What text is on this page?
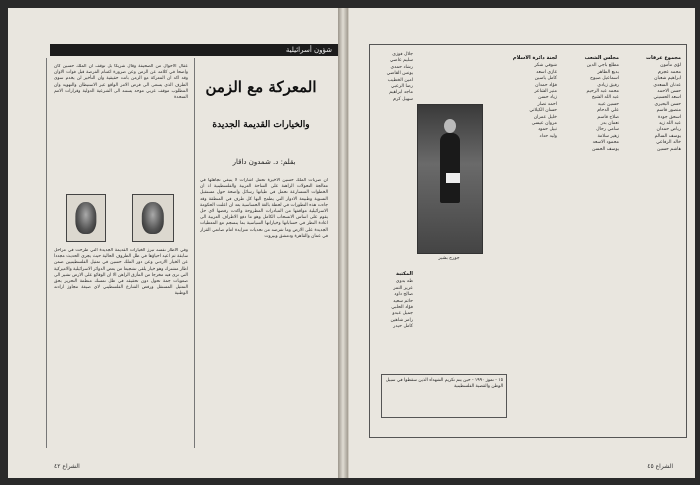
شؤون أسرائيلية
المعركة مع الزمن
والخيارات القديمة الجديدة
بقلم: د. شمدون داقار
ان ضربات الملك حسين الاخيرة تحمل اشارات لا ينبغي تجاهلها في معالجة التحولات الراهنة على الساحة العربية والفلسطينية اذ ان الخطوات المتسارعة تحمل في طياتها رسائل واضحة حول مستقبل التسوية وطبيعة الادوار التي يطمح اليها كل طرف في المنطقة وقد جاءت هذه التطورات في لحظة بالغة الحساسية بعد ان اعلنت الحكومة الاسرائيلية مواقفها من المبادرات المطروحة واكدت رفضها لاي حل يقوم على اساس الانسحاب الكامل وهو ما دفع الاطراف العربية الى اعادة النظر في حساباتها وخياراتها السياسية بما ينسجم مع المعطيات الجديدة على الارض وما تفرضه من تحديات متزايدة امام صانعي القرار في عمان والقاهرة ودمشق وبيروت
وفي الاطار نفسه تبرز الخيارات القديمة الجديدة التي طرحت في مراحل سابقة ثم اعيد احياؤها في ظل الظروف الحالية حيث يجري الحديث مجددا عن الخيار الاردني وعن دور الملك حسين في تمثيل الفلسطينيين ضمن اطار مشترك وهو خيار يلقى تشجيعا من بعض الدوائر الاسرائيلية والاميركية التي ترى فيه مخرجا من المأزق الراهن الا ان الوقائع على الارض تشير الى صعوبات جمة تحول دون تحقيقه في ظل تمسك منظمة التحرير بحق التمثيل المستقل ورفض الشارع الفلسطيني لاي صيغة تتجاوز ارادته الوطنية
عقال الاحوال من الصحيفة وقال شريكا بل توقف ان الملك حسين كان واضحا في كلامه عن الزمن وعن ضرورة اغتنام الفرصة قبل فوات الاوان وقد اكد ان المعركة مع الزمن باتت حقيقية وان التأخير لن يخدم سوى الطرف الذي يسعى الى فرض الامر الواقع عبر الاستيطان والتهويد وان المطلوب موقف عربي موحد يستند الى الشرعية الدولية وقرارات الامم المتحدة
الشراع ٤٢
مجموع عرفات
لؤي مأمون
محمد عجرم
ابراهيم شعبان
عدنان السعدي
حسن الاحمد
اسعد الحسيني
حسن البحيري
منصور قاسم
اسحق جودة
عبد الله زيد
رياض حمدان
يوسف السالم
خالد الرفاعي
هاشم حسين
مجلس الشعب
مطلع باجي الدين
بديع الطاهر
اسماعيل صيوح
رفيق زيادي
محمد عبد الرحيم
عبد الله الشيخ
حسين عبيد
علي الدحام
صلاح قاسم
نعمان بدر
سامي رحال
زهير سلامة
محمود الاسعد
يوسف الحسن
لجنة دائرة الاسلام
شوقي شكر
غازي اسعد
كامل ياسين
فؤاد حمدان
منير الشاعر
زياد حسن
احمد نصار
حسان الكيلاني
خليل عمران
مروان عيسى
نبيل حمود
وليد حداد
جورج بشير
جلال فوزي
سليم عاصي
رشاد حمدي
يونس القاضي
امين الخطيب
رضا الزعبي
ماجد ابراهيم
سهيل كرم
المكتبة
طه بدوي
عزيز النمر
صالح داود
حاتم سعيد
فؤاد الحلبي
جميل عبدو
رامز شاهين
كامل حيدر
١٥ - تموز ١٩٩٠ - حين يتم تكريم الشهداء الذين سقطوا في سبيل الوطن والقضية الفلسطينية
الشراع ٤٥
